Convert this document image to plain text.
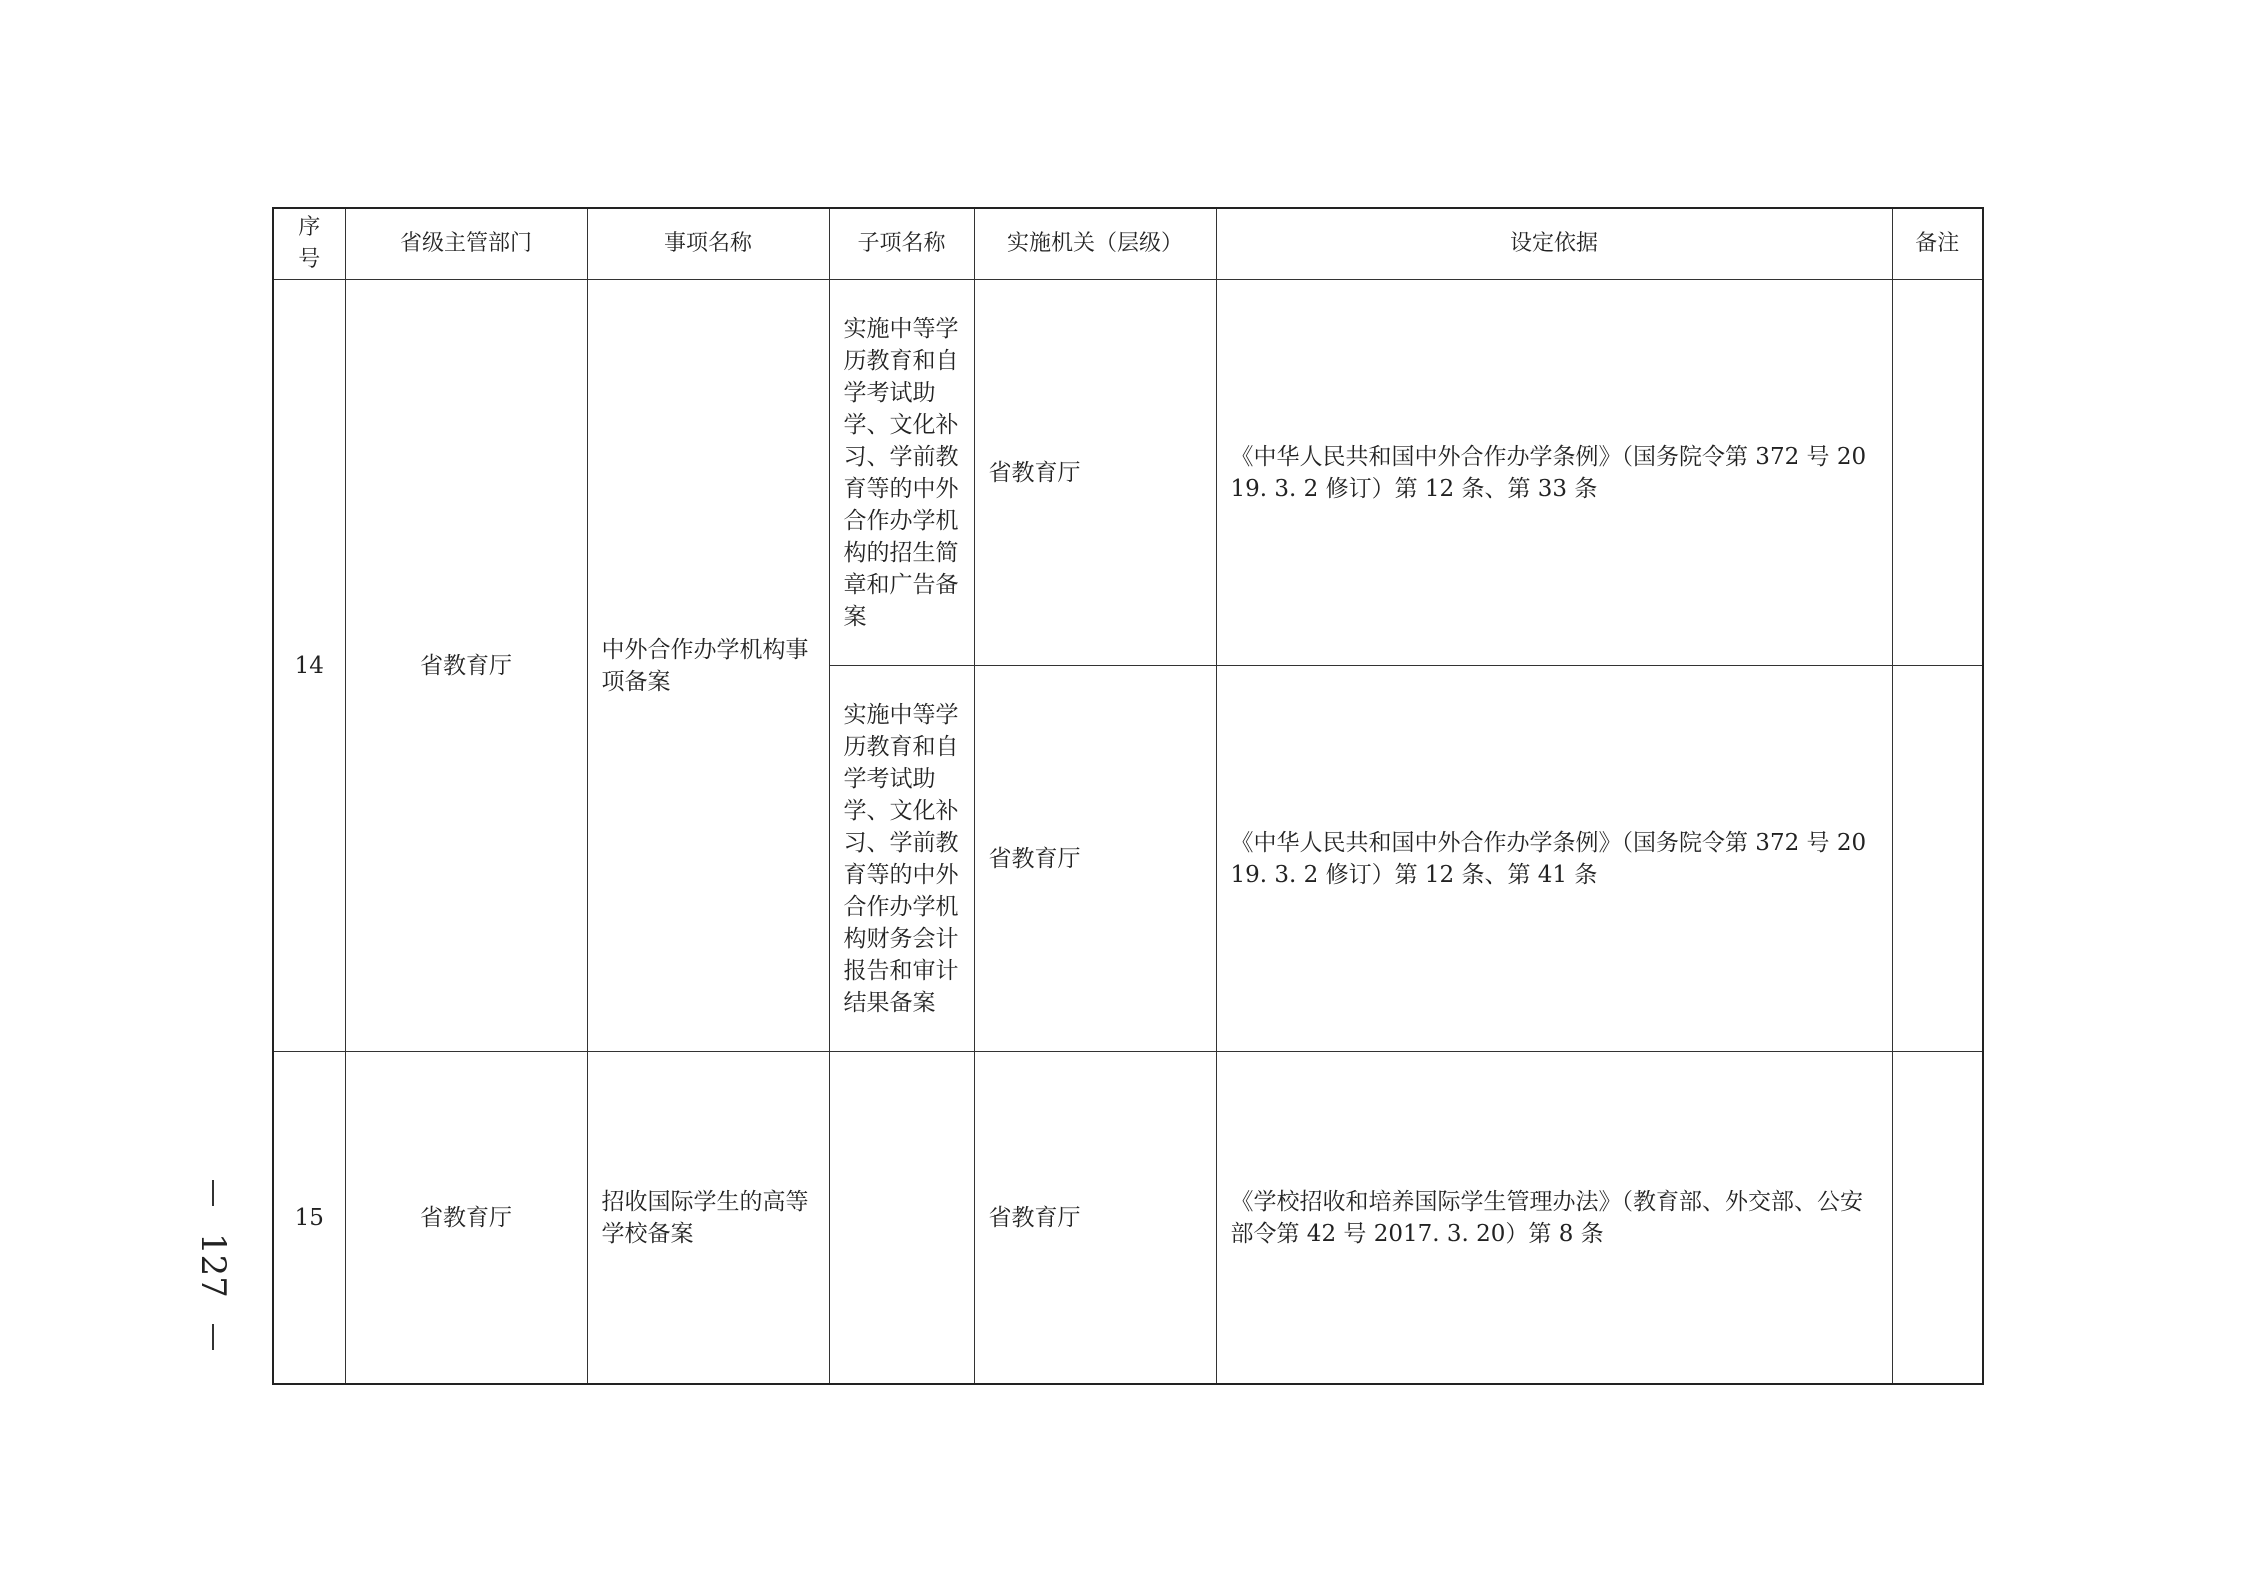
序号	省级主管部门	事项名称	子项名称	实施机关（层级）	设定依据	备注
14	省教育厅	中外合作办学机构事项备案	实施中等学历教育和自学考试助学、文化补习、学前教育等的中外合作办学机构的招生简章和广告备案	省教育厅	《中华人民共和国中外合作办学条例》（国务院令第 372 号 2019. 3. 2 修订）第 12 条、第 33 条	
			实施中等学历教育和自学考试助学、文化补习、学前教育等的中外合作办学机构财务会计报告和审计结果备案	省教育厅	《中华人民共和国中外合作办学条例》（国务院令第 372 号 2019. 3. 2 修订）第 12 条、第 41 条	
15	省教育厅	招收国际学生的高等学校备案		省教育厅	《学校招收和培养国际学生管理办法》（教育部、外交部、公安部令第 42 号 2017. 3. 20）第 8 条	
127
